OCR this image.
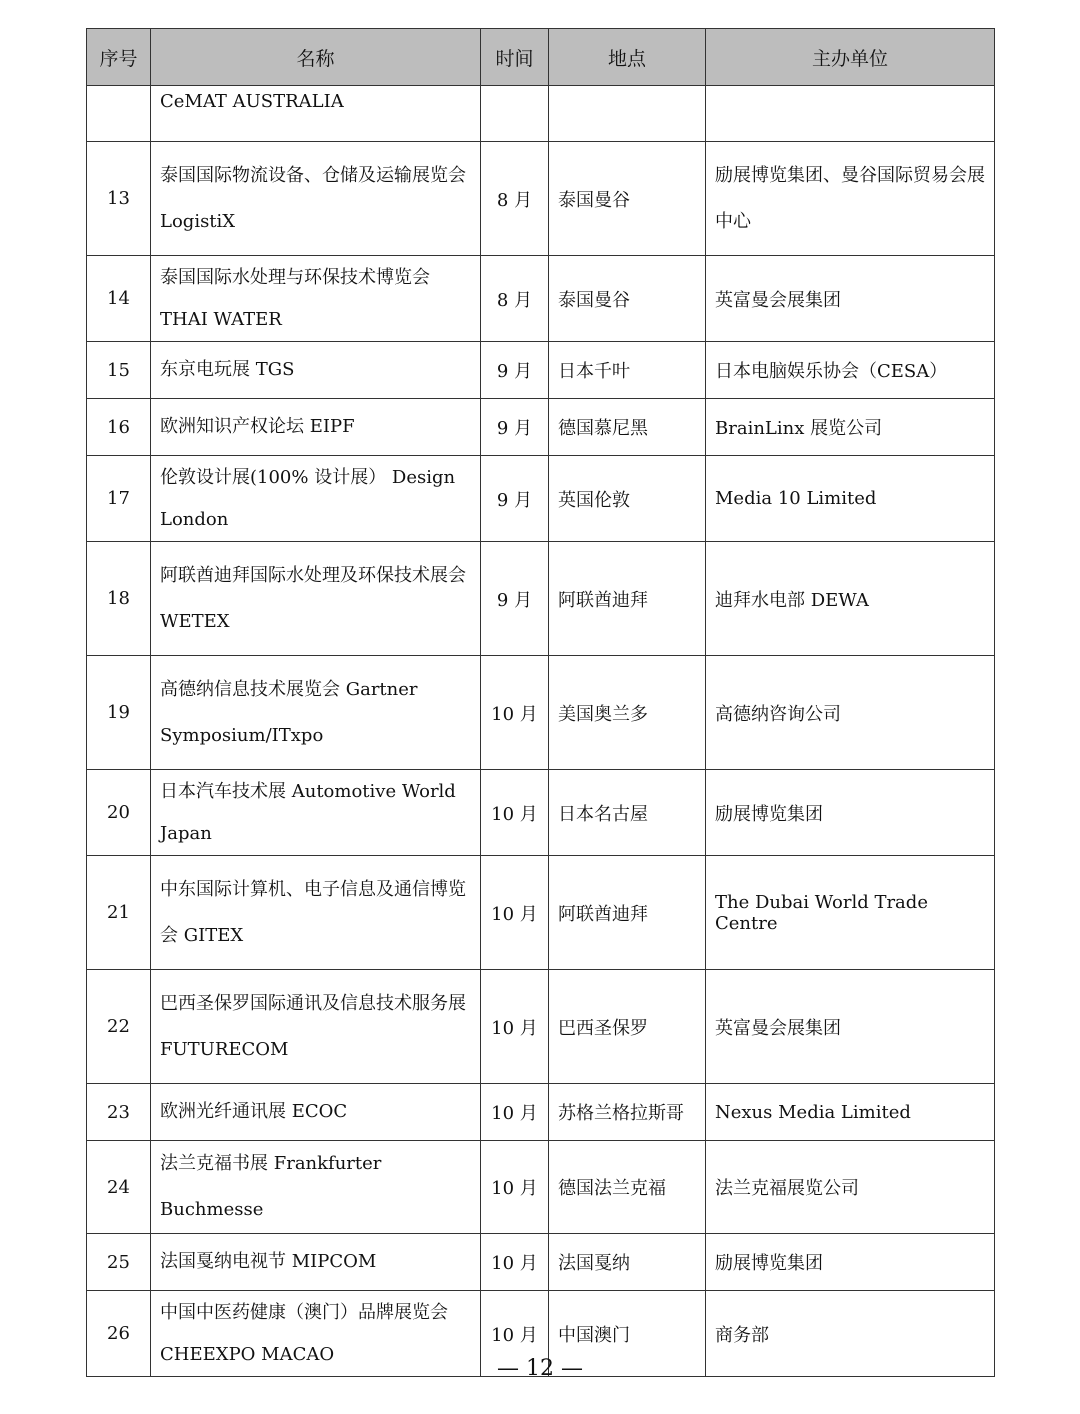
序号	名称	时间	地点	主办单位
	CeMAT AUSTRALIA			
13	泰国国际物流设备、仓储及运输展览会 LogistiX	8 月	泰国曼谷	励展博览集团、曼谷国际贸易会展中心
14	泰国国际水处理与环保技术博览会 THAI WATER	8 月	泰国曼谷	英富曼会展集团
15	东京电玩展 TGS	9 月	日本千叶	日本电脑娱乐协会（CESA）
16	欧洲知识产权论坛 EIPF	9 月	德国慕尼黑	BrainLinx 展览公司
17	伦敦设计展(100% 设计展） Design London	9 月	英国伦敦	Media 10 Limited
18	阿联酋迪拜国际水处理及环保技术展会 WETEX	9 月	阿联酋迪拜	迪拜水电部 DEWA
19	高德纳信息技术展览会 Gartner Symposium/ITxpo	10 月	美国奥兰多	高德纳咨询公司
20	日本汽车技术展 Automotive World Japan	10 月	日本名古屋	励展博览集团
21	中东国际计算机、电子信息及通信博览会 GITEX	10 月	阿联酋迪拜	The Dubai World Trade Centre
22	巴西圣保罗国际通讯及信息技术服务展 FUTURECOM	10 月	巴西圣保罗	英富曼会展集团
23	欧洲光纤通讯展 ECOC	10 月	苏格兰格拉斯哥	Nexus Media Limited
24	法兰克福书展 Frankfurter Buchmesse	10 月	德国法兰克福	法兰克福展览公司
25	法国戛纳电视节 MIPCOM	10 月	法国戛纳	励展博览集团
26	中国中医药健康（澳门）品牌展览会 CHEEXPO MACAO	10 月	中国澳门	商务部
— 12 —
